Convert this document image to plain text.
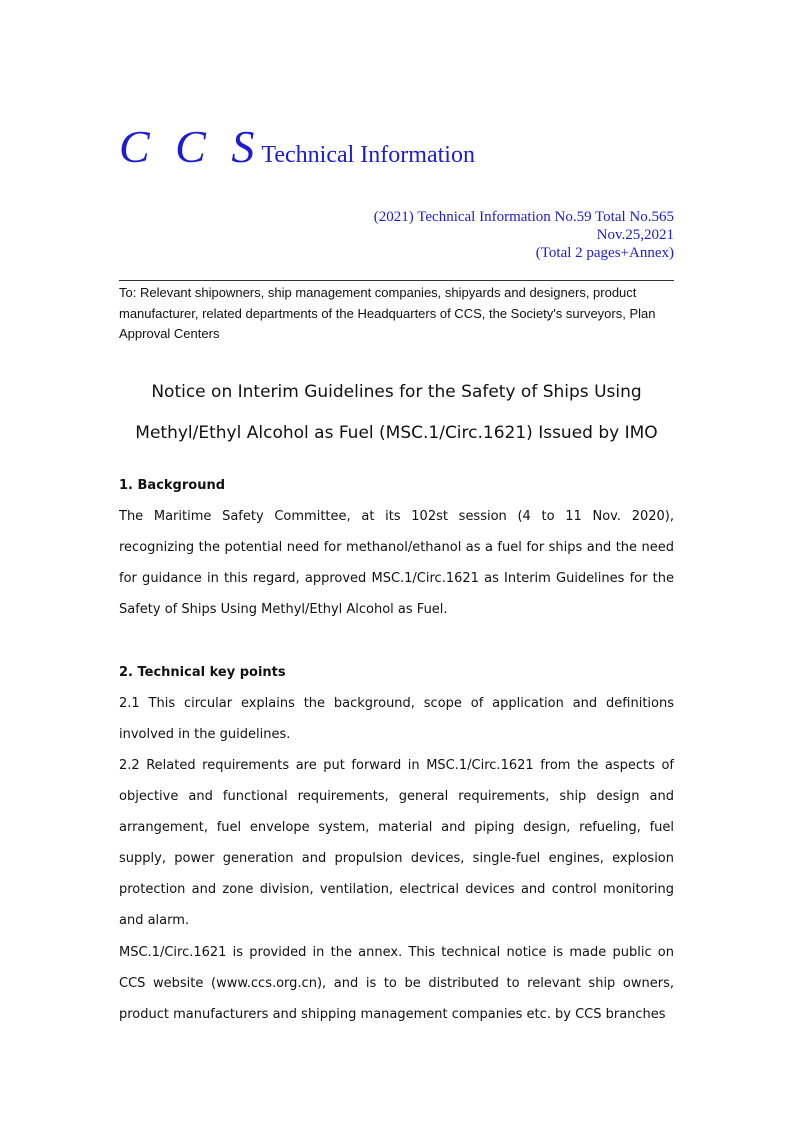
C C STechnical Information
(2021) Technical Information No.59 Total No.565
Nov.25,2021
(Total 2 pages+Annex)
To: Relevant shipowners, ship management companies, shipyards and designers, product manufacturer, related departments of the Headquarters of CCS, the Society's surveyors, Plan Approval Centers
Notice on Interim Guidelines for the Safety of Ships Using
Methyl/Ethyl Alcohol as Fuel (MSC.1/Circ.1621) Issued by IMO
1. Background
The Maritime Safety Committee, at its 102st session (4 to 11 Nov. 2020), recognizing the potential need for methanol/ethanol as a fuel for ships and the need for guidance in this regard, approved MSC.1/Circ.1621 as Interim Guidelines for the Safety of Ships Using Methyl/Ethyl Alcohol as Fuel.
2. Technical key points
2.1 This circular explains the background, scope of application and definitions involved in the guidelines.
2.2 Related requirements are put forward in MSC.1/Circ.1621 from the aspects of objective and functional requirements, general requirements, ship design and arrangement, fuel envelope system, material and piping design, refueling, fuel supply, power generation and propulsion devices, single-fuel engines, explosion protection and zone division, ventilation, electrical devices and control monitoring and alarm.
MSC.1/Circ.1621 is provided in the annex. This technical notice is made public on CCS website (www.ccs.org.cn), and is to be distributed to relevant ship owners, product manufacturers and shipping management companies etc. by CCS branches
